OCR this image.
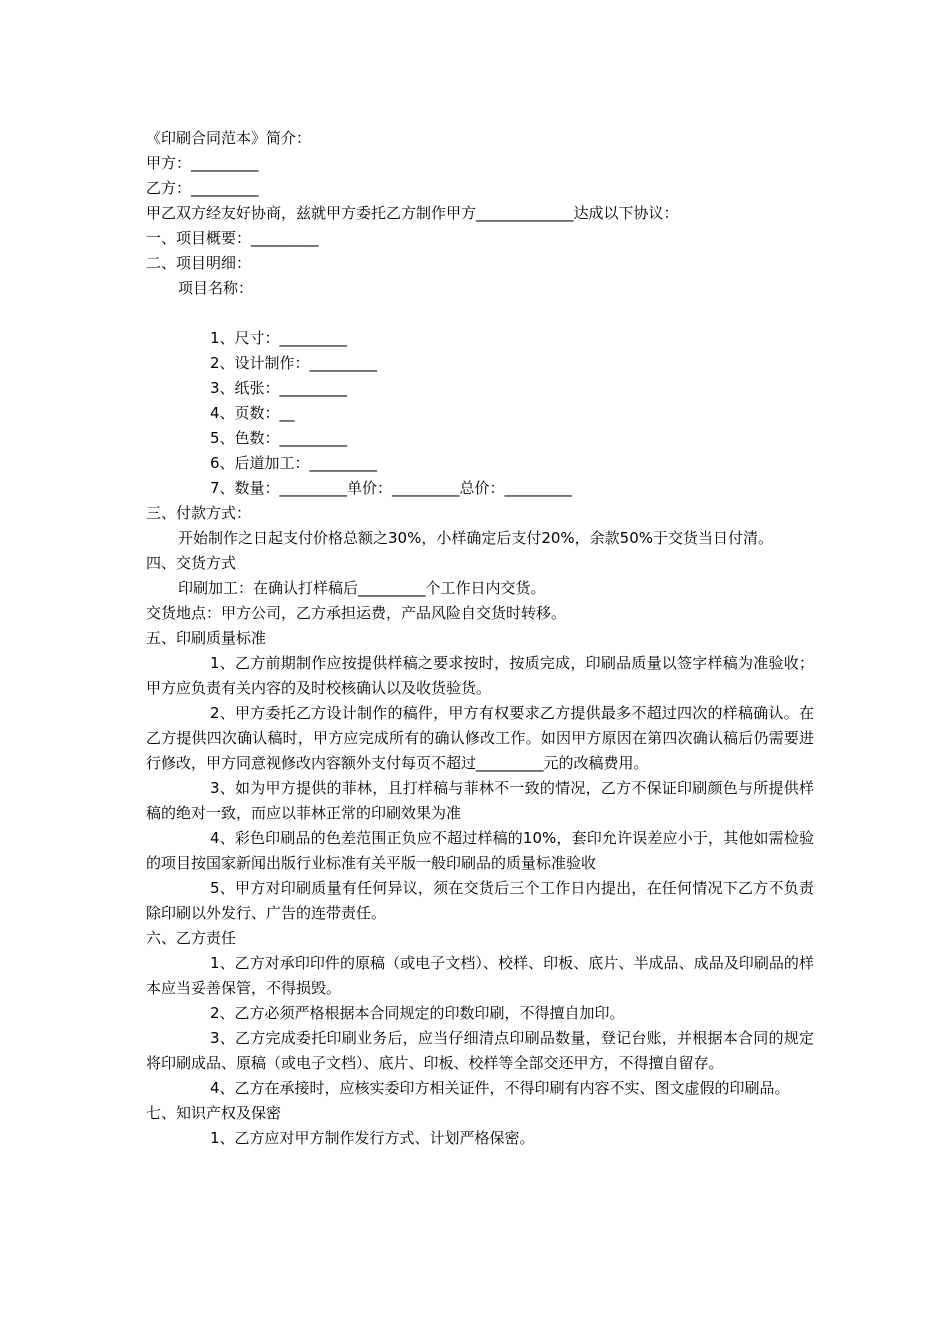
《印刷合同范本》简介：
甲方：_________
乙方：_________
甲乙双方经友好协商，兹就甲方委托乙方制作甲方_____________达成以下协议：
一、项目概要：_________
二、项目明细：
项目名称：
1、尺寸：_________
2、设计制作：_________
3、纸张：_________
4、页数：__
5、色数：_________
6、后道加工：_________
7、数量：_________单价：_________总价：_________
三、付款方式：
开始制作之日起支付价格总额之30%，小样确定后支付20%，余款50%于交货当日付清。
四、交货方式
印刷加工：在确认打样稿后_________个工作日内交货。
交货地点：甲方公司，乙方承担运费，产品风险自交货时转移。
五、印刷质量标准
1、乙方前期制作应按提供样稿之要求按时，按质完成，印刷品质量以签字样稿为准验收；甲方应负责有关内容的及时校核确认以及收货验货。
2、甲方委托乙方设计制作的稿件，甲方有权要求乙方提供最多不超过四次的样稿确认。在乙方提供四次确认稿时，甲方应完成所有的确认修改工作。如因甲方原因在第四次确认稿后仍需要进行修改，甲方同意视修改内容额外支付每页不超过_________元的改稿费用。
3、如为甲方提供的菲林，且打样稿与菲林不一致的情况，乙方不保证印刷颜色与所提供样稿的绝对一致，而应以菲林正常的印刷效果为准
4、彩色印刷品的色差范围正负应不超过样稿的10%，套印允许误差应小于，其他如需检验的项目按国家新闻出版行业标准有关平版一般印刷品的质量标准验收
5、甲方对印刷质量有任何异议，须在交货后三个工作日内提出，在任何情况下乙方不负责除印刷以外发行、广告的连带责任。
六、乙方责任
1、乙方对承印印件的原稿（或电子文档）、校样、印板、底片、半成品、成品及印刷品的样本应当妥善保管，不得损毁。
2、乙方必须严格根据本合同规定的印数印刷，不得擅自加印。
3、乙方完成委托印刷业务后，应当仔细清点印刷品数量，登记台账，并根据本合同的规定将印刷成品、原稿（或电子文档）、底片、印板、校样等全部交还甲方，不得擅自留存。
4、乙方在承接时，应核实委印方相关证件，不得印刷有内容不实、图文虚假的印刷品。
七、知识产权及保密
1、乙方应对甲方制作发行方式、计划严格保密。
